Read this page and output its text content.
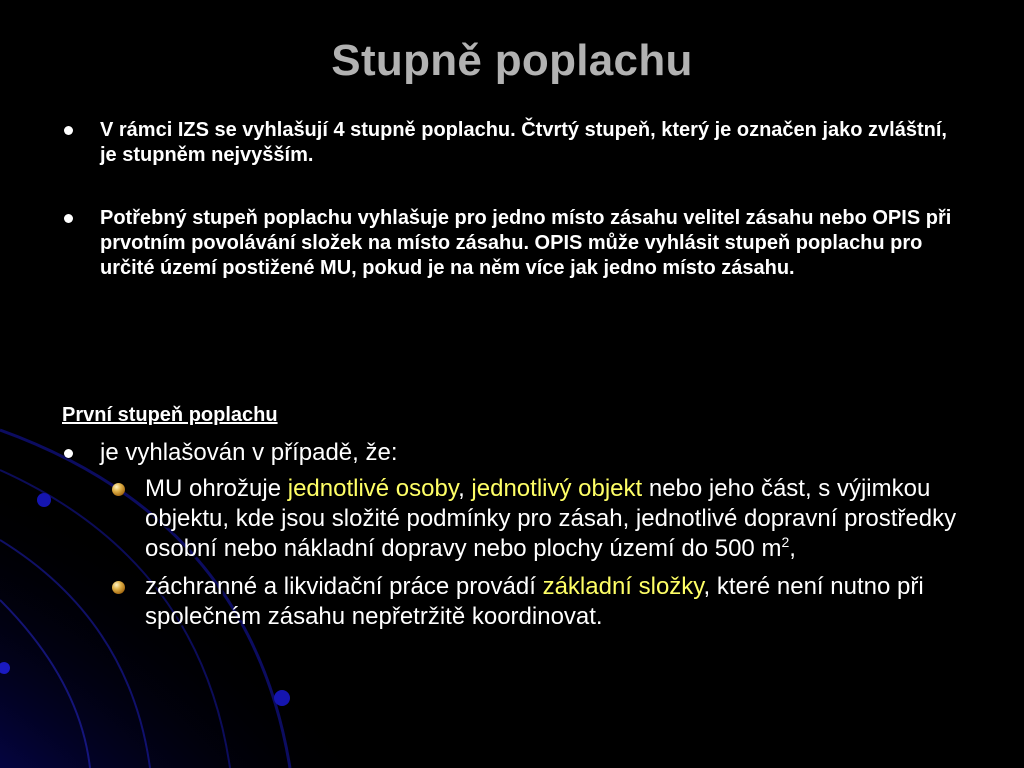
Stupně poplachu
V rámci IZS se vyhlašují 4 stupně poplachu. Čtvrtý stupeň, který je označen jako zvláštní, je stupněm nejvyšším.
Potřebný stupeň poplachu vyhlašuje pro jedno místo zásahu velitel zásahu nebo OPIS při prvotním povolávání složek na místo zásahu. OPIS může vyhlásit stupeň poplachu pro určité území postižené MU, pokud je na něm více jak jedno místo zásahu.
První stupeň poplachu
je vyhlašován v případě, že:
MU ohrožuje jednotlivé osoby, jednotlivý objekt nebo jeho část, s výjimkou objektu, kde jsou složité podmínky pro zásah, jednotlivé dopravní prostředky osobní nebo nákladní dopravy nebo plochy území do 500 $m^2$,
záchranné a likvidační práce provádí základní složky, které není nutno při společném zásahu nepřetržitě koordinovat.
